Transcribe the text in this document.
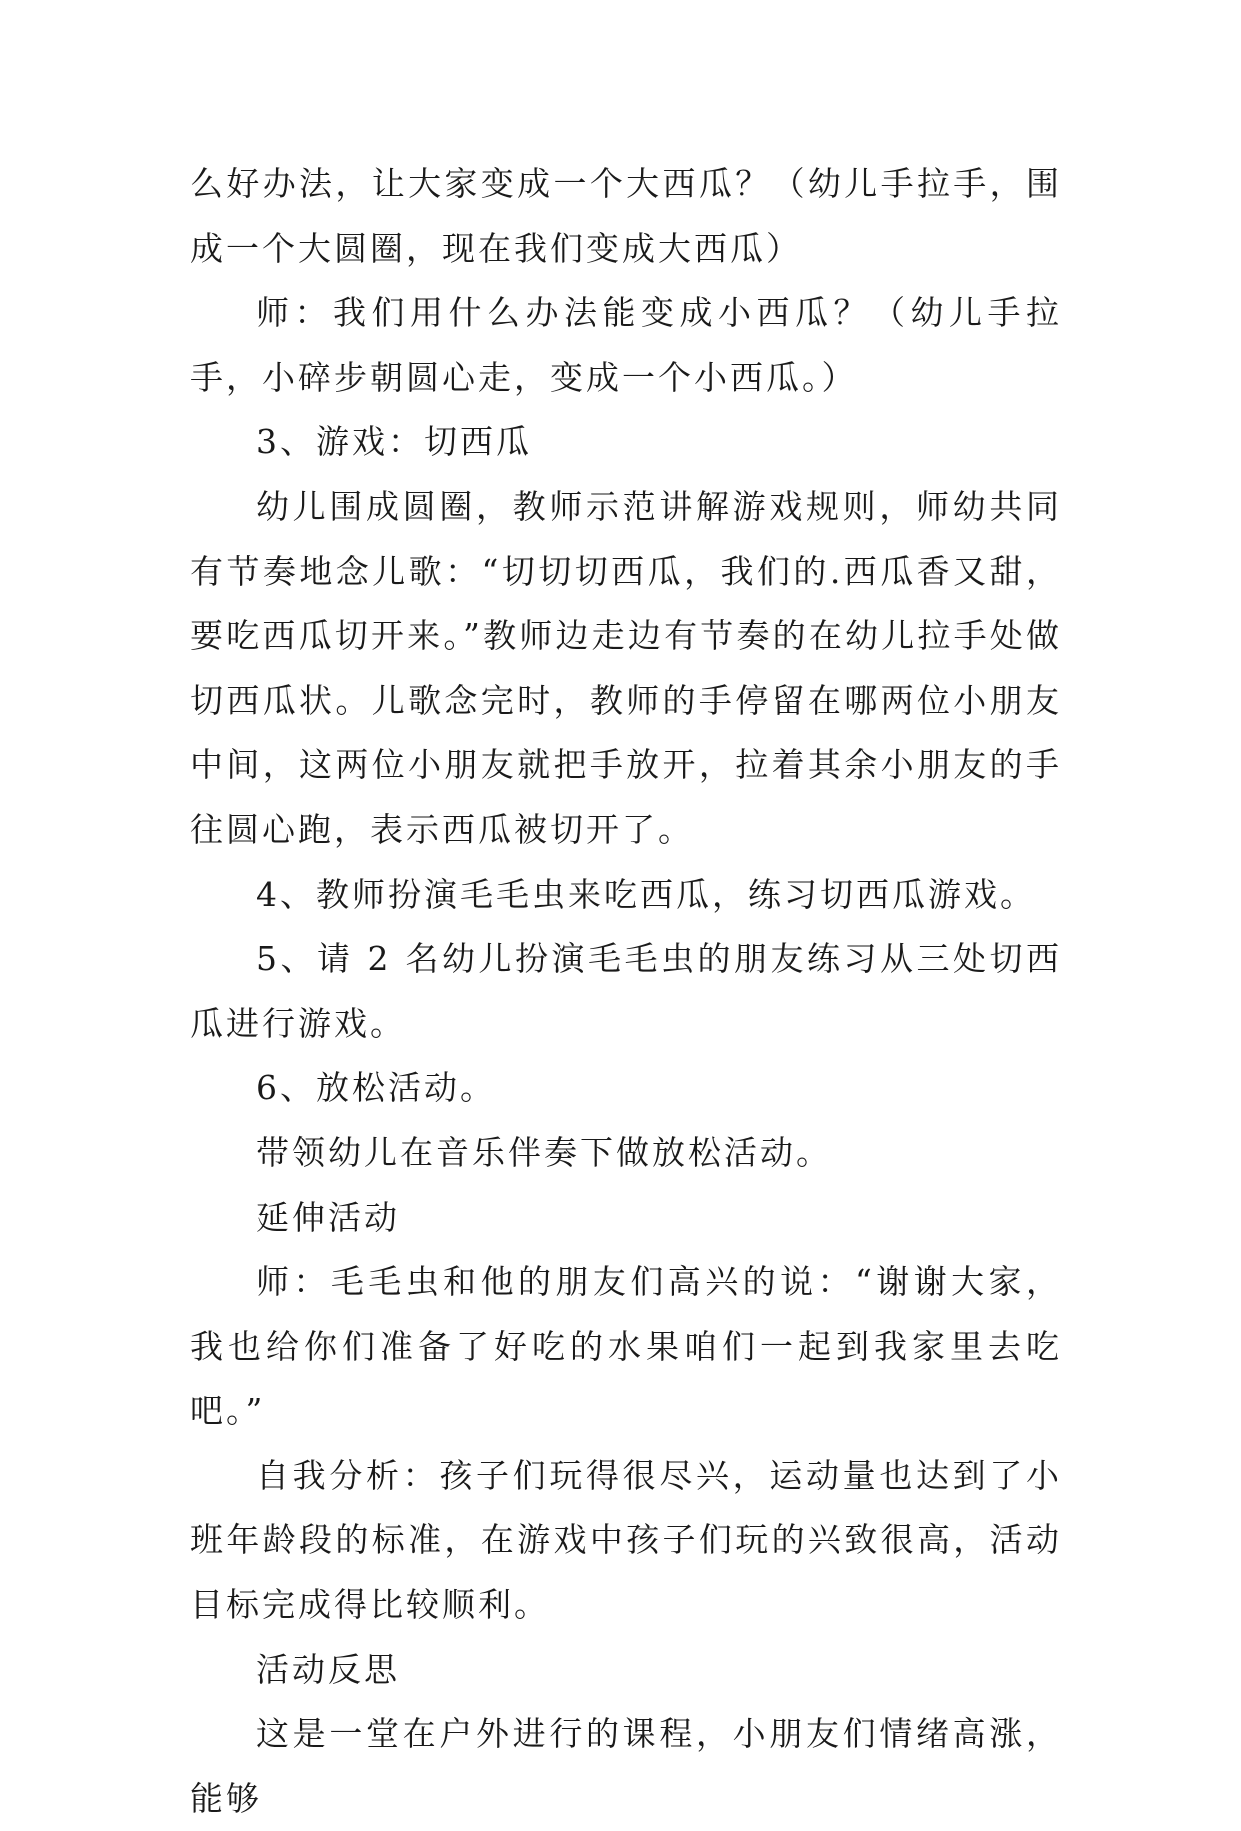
么好办法，让大家变成一个大西瓜？（幼儿手拉手，围成一个大圆圈，现在我们变成大西瓜）

师：我们用什么办法能变成小西瓜？（幼儿手拉手，小碎步朝圆心走，变成一个小西瓜。）

3、游戏：切西瓜

幼儿围成圆圈，教师示范讲解游戏规则，师幼共同有节奏地念儿歌：“切切切西瓜，我们的.西瓜香又甜，要吃西瓜切开来。”教师边走边有节奏的在幼儿拉手处做切西瓜状。儿歌念完时，教师的手停留在哪两位小朋友中间，这两位小朋友就把手放开，拉着其余小朋友的手往圆心跑，表示西瓜被切开了。

4、教师扮演毛毛虫来吃西瓜，练习切西瓜游戏。

5、请 2 名幼儿扮演毛毛虫的朋友练习从三处切西瓜进行游戏。

6、放松活动。

带领幼儿在音乐伴奏下做放松活动。

延伸活动

师：毛毛虫和他的朋友们高兴的说：“谢谢大家，我也给你们准备了好吃的水果咱们一起到我家里去吃吧。”

自我分析：孩子们玩得很尽兴，运动量也达到了小班年龄段的标准，在游戏中孩子们玩的兴致很高，活动目标完成得比较顺利。

活动反思

这是一堂在户外进行的课程，小朋友们情绪高涨，能够
